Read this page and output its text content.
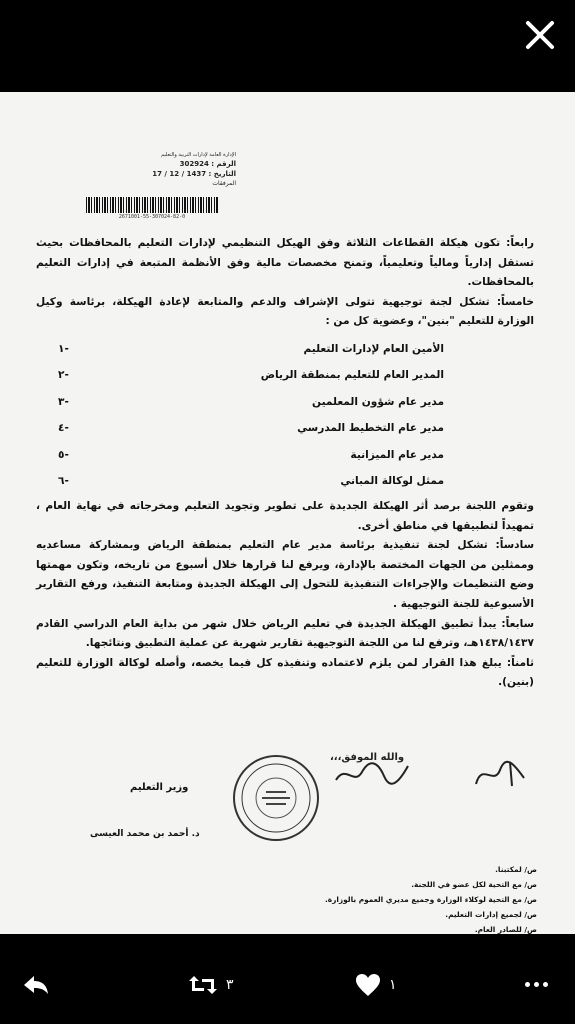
الإدارة العامة لإدارات التربية والتعليم
الرقم : 302924
التاريخ : 1437 / 12 / 17
المرفقات
2671001-55-307024-82-0

رابعاً: تكون هيكلة القطاعات الثلاثة وفق الهيكل التنظيمي لإدارات التعليم بالمحافظات بحيث تستقل إدارياً ومالياً وتعليمياً، وتمنح مخصصات مالية وفق الأنظمة المتبعة في إدارات التعليم بالمحافظات.

خامساً: تشكل لجنة توجيهية تتولى الإشراف والدعم والمتابعة لإعادة الهيكلة، برئاسة وكيل الوزارة للتعليم "بنين"، وعضوية كل من :

-١	الأمين العام لإدارات التعليم
-٢	المدير العام للتعليم بمنطقة الرياض
-٣	مدير عام شؤون المعلمين
-٤	مدير عام التخطيط المدرسي
-٥	مدير عام الميزانية
-٦	ممثل لوكالة المباني

وتقوم اللجنة برصد أثر الهيكلة الجديدة على تطوير وتجويد التعليم ومخرجاته في نهاية العام ، تمهيداً لتطبيقها في مناطق أخرى.

سادساً: تشكل لجنة تنفيذية برئاسة مدير عام التعليم بمنطقة الرياض وبمشاركة مساعديه وممثلين من الجهات المختصة بالإدارة، ويرفع لنا قرارها خلال أسبوع من تاريخه، وتكون مهمتها وضع التنظيمات والإجراءات التنفيذية للتحول إلى الهيكلة الجديدة ومتابعة التنفيذ، ورفع التقارير الأسبوعية للجنة التوجيهية .

سابعاً: يبدأ تطبيق الهيكلة الجديدة في تعليم الرياض خلال شهر من بداية العام الدراسي القادم ١٤٣٨/١٤٣٧هـ، وترفع لنا من اللجنة التوجيهية تقارير شهرية عن عملية التطبيق ونتائجها.

ثامناً: يبلغ هذا القرار لمن يلزم لاعتماده وتنفيذه كل فيما يخصه، وأصله لوكالة الوزارة للتعليم (بنين).

والله الموفق،،،
وزير التعليم
د. أحمد بن محمد العيسى
ص/ لمكتبنا.
ص/ مع التحية لكل عضو في اللجنة.
ص/ مع التحية لوكلاء الوزارة وجميع مديري العموم بالوزارة.
ص/ لجميع إدارات التعليم.
ص/ للصادر العام.
٣	١
